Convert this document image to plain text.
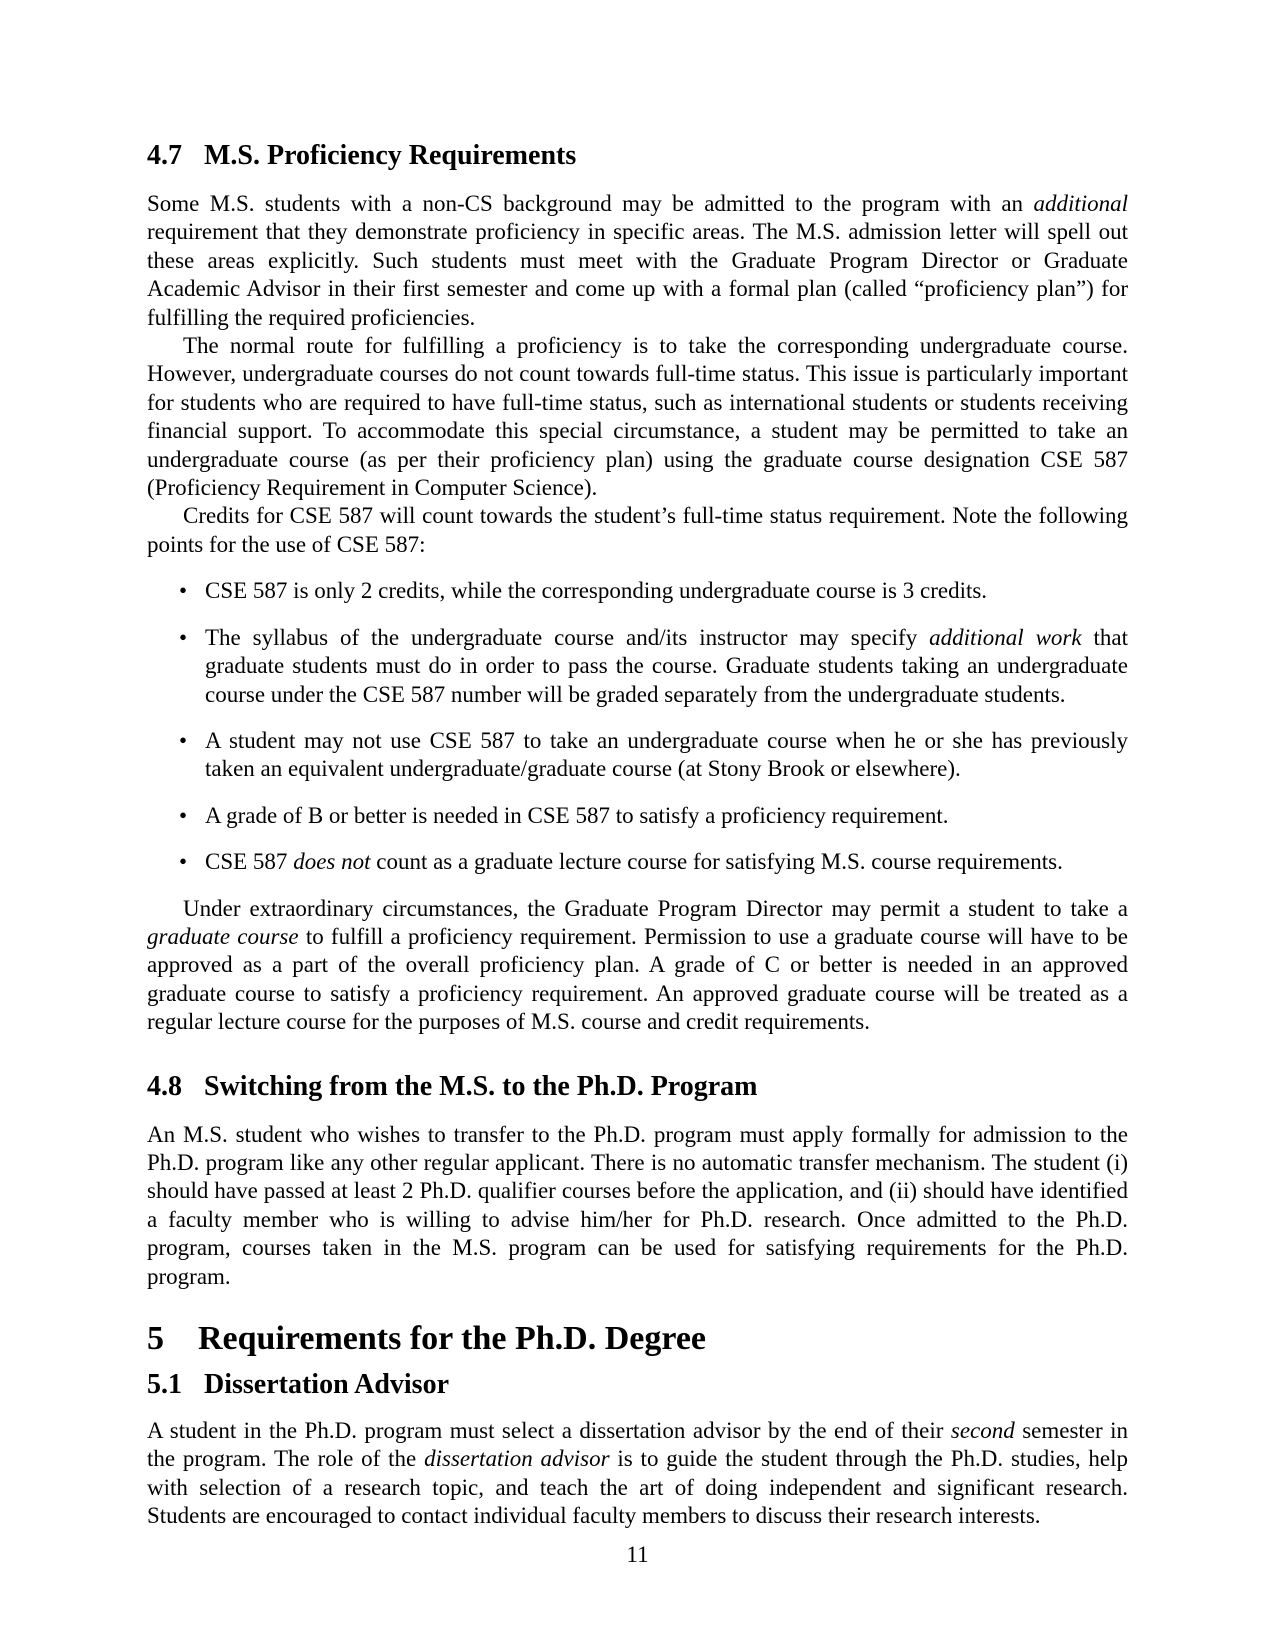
4.7 M.S. Proficiency Requirements

Some M.S. students with a non-CS background may be admitted to the program with an additional requirement that they demonstrate proficiency in specific areas. The M.S. admission letter will spell out these areas explicitly. Such students must meet with the Graduate Program Director or Graduate Academic Advisor in their first semester and come up with a formal plan (called “proficiency plan”) for fulfilling the required proficiencies.

The normal route for fulfilling a proficiency is to take the corresponding undergraduate course. However, undergraduate courses do not count towards full-time status. This issue is particularly important for students who are required to have full-time status, such as international students or students receiving financial support. To accommodate this special circumstance, a student may be permitted to take an undergraduate course (as per their proficiency plan) using the graduate course designation CSE 587 (Proficiency Requirement in Computer Science).

Credits for CSE 587 will count towards the student’s full-time status requirement. Note the following points for the use of CSE 587:

• CSE 587 is only 2 credits, while the corresponding undergraduate course is 3 credits.
• The syllabus of the undergraduate course and/its instructor may specify additional work that graduate students must do in order to pass the course. Graduate students taking an undergraduate course under the CSE 587 number will be graded separately from the undergraduate students.
• A student may not use CSE 587 to take an undergraduate course when he or she has previously taken an equivalent undergraduate/graduate course (at Stony Brook or elsewhere).
• A grade of B or better is needed in CSE 587 to satisfy a proficiency requirement.
• CSE 587 does not count as a graduate lecture course for satisfying M.S. course requirements.

Under extraordinary circumstances, the Graduate Program Director may permit a student to take a graduate course to fulfill a proficiency requirement. Permission to use a graduate course will have to be approved as a part of the overall proficiency plan. A grade of C or better is needed in an approved graduate course to satisfy a proficiency requirement. An approved graduate course will be treated as a regular lecture course for the purposes of M.S. course and credit requirements.

4.8 Switching from the M.S. to the Ph.D. Program

An M.S. student who wishes to transfer to the Ph.D. program must apply formally for admission to the Ph.D. program like any other regular applicant. There is no automatic transfer mechanism. The student (i) should have passed at least 2 Ph.D. qualifier courses before the application, and (ii) should have identified a faculty member who is willing to advise him/her for Ph.D. research. Once admitted to the Ph.D. program, courses taken in the M.S. program can be used for satisfying requirements for the Ph.D. program.

5 Requirements for the Ph.D. Degree
5.1 Dissertation Advisor

A student in the Ph.D. program must select a dissertation advisor by the end of their second semester in the program. The role of the dissertation advisor is to guide the student through the Ph.D. studies, help with selection of a research topic, and teach the art of doing independent and significant research. Students are encouraged to contact individual faculty members to discuss their research interests.

11
